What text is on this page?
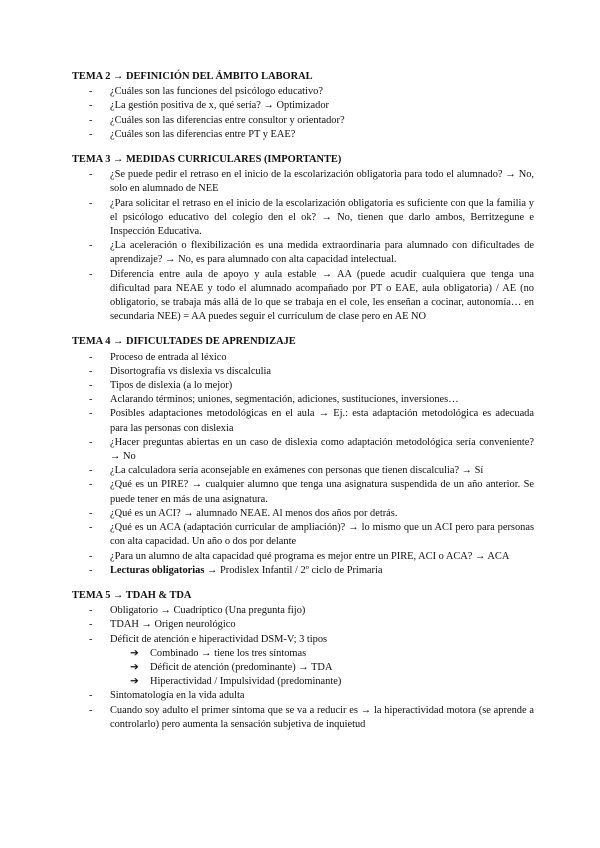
TEMA 2 → DEFINICIÓN DEL ÁMBITO LABORAL
- ¿Cuáles son las funciones del psicólogo educativo?
- ¿La gestión positiva de x, qué sería? → Optimizador
- ¿Cuáles son las diferencias entre consultor y orientador?
- ¿Cuáles son las diferencias entre PT y EAE?
TEMA 3 → MEDIDAS CURRICULARES (IMPORTANTE)
- ¿Se puede pedir el retraso en el inicio de la escolarización obligatoria para todo el alumnado? → No, solo en alumnado de NEE
- ¿Para solicitar el retraso en el inicio de la escolarización obligatoria es suficiente con que la familia y el psicólogo educativo del colegio den el ok? → No, tienen que darlo ambos, Berritzegune e Inspección Educativa.
- ¿La aceleración o flexibilización es una medida extraordinaria para alumnado con dificultades de aprendizaje? → No, es para alumnado con alta capacidad intelectual.
- Diferencia entre aula de apoyo y aula estable → AA (puede acudir cualquiera que tenga una dificultad para NEAE y todo el alumnado acompañado por PT o EAE, aula obligatoria) / AE (no obligatorio, se trabaja más allá de lo que se trabaja en el cole, les enseñan a cocinar, autonomía… en secundaria NEE) = AA puedes seguir el currículum de clase pero en AE NO
TEMA 4 → DIFICULTADES DE APRENDIZAJE
- Proceso de entrada al léxico
- Disortografía vs dislexia vs discalculia
- Tipos de dislexia (a lo mejor)
- Aclarando términos; uniones, segmentación, adiciones, sustituciones, inversiones…
- Posibles adaptaciones metodológicas en el aula → Ej.: esta adaptación metodológica es adecuada para las personas con dislexia
- ¿Hacer preguntas abiertas en un caso de dislexia como adaptación metodológica sería conveniente? → No
- ¿La calculadora sería aconsejable en exámenes con personas que tienen discalculia? → Sí
- ¿Qué es un PIRE? → cualquier alumno que tenga una asignatura suspendida de un año anterior. Se puede tener en más de una asignatura.
- ¿Qué es un ACI? → alumnado NEAE. Al menos dos años por detrás.
- ¿Qué es un ACA (adaptación curricular de ampliación)? → lo mismo que un ACI pero para personas con alta capacidad. Un año o dos por delante
- ¿Para un alumno de alta capacidad qué programa es mejor entre un PIRE, ACI o ACA? → ACA
- Lecturas obligatorias → Prodislex Infantil / 2º ciclo de Primaria
TEMA 5 → TDAH & TDA
- Obligatorio → Cuadríptico (Una pregunta fijo)
- TDAH → Origen neurológico
- Déficit de atención e hiperactividad DSM-V; 3 tipos
➔ Combinado → tiene los tres síntomas
➔ Déficit de atención (predominante) → TDA
➔ Hiperactividad / Impulsividad (predominante)
- Sintomatología en la vida adulta
- Cuando soy adulto el primer síntoma que se va a reducir es → la hiperactividad motora (se aprende a controlarlo) pero aumenta la sensación subjetiva de inquietud
